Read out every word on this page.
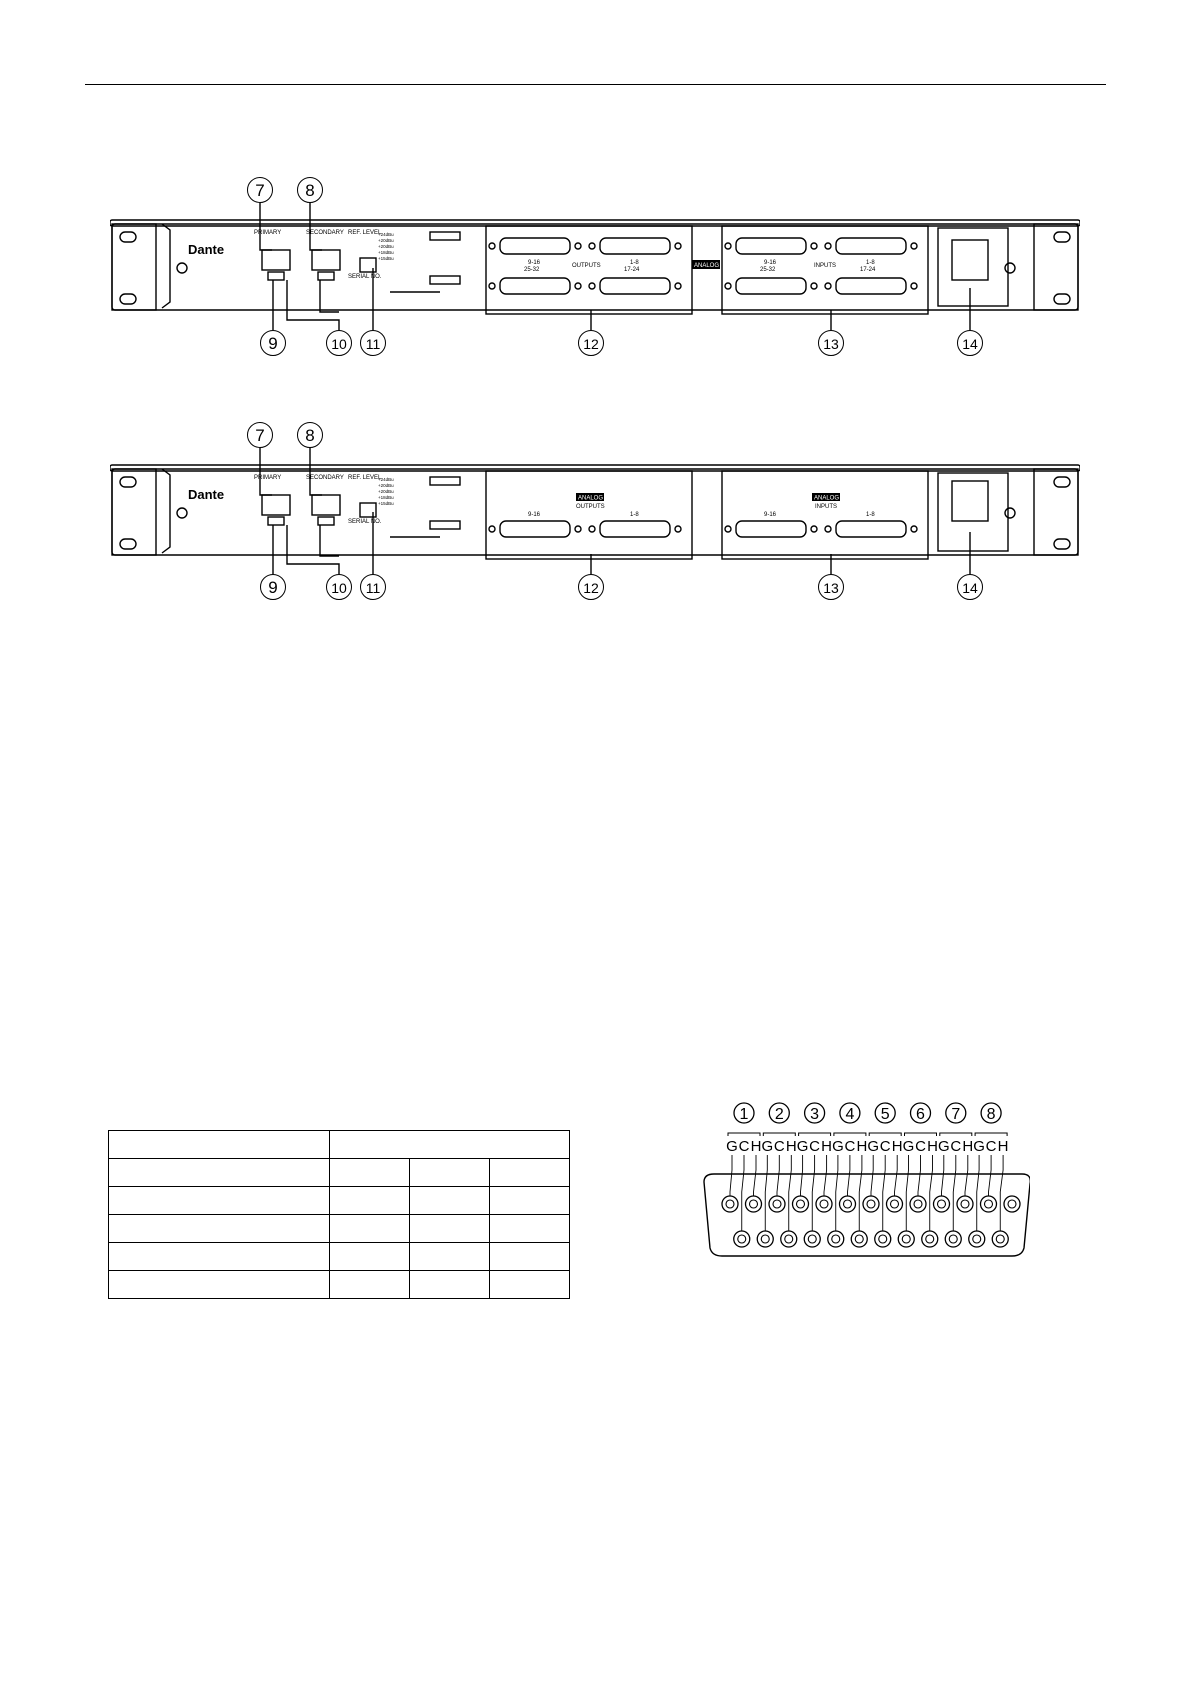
7	8
9	10	11	12	13	14
Dante
PRIMARY	SECONDARY REF. LEVEL
SERIAL NO.
+24dBu
+20dBu
+20dBu
+18dBu
+15dBu
9-16	1-8
25-32	17-24
OUTPUTS	ANALOG	9-16	1-8
25-32	17-24
INPUTS
7	8
9	10	11	12	13	14
Dante
PRIMARY	SECONDARY REF. LEVEL
SERIAL NO.
+24dBu
+20dBu
+20dBu
+18dBu
+15dBu
ANALOG
OUTPUTS
9-16	1-8
ANALOG
INPUTS
9-16	1-8

1
G C H
2
G C H
3
G C H
4
G C H
5
G C H
6
G C H
7
G C H
8
G C H
